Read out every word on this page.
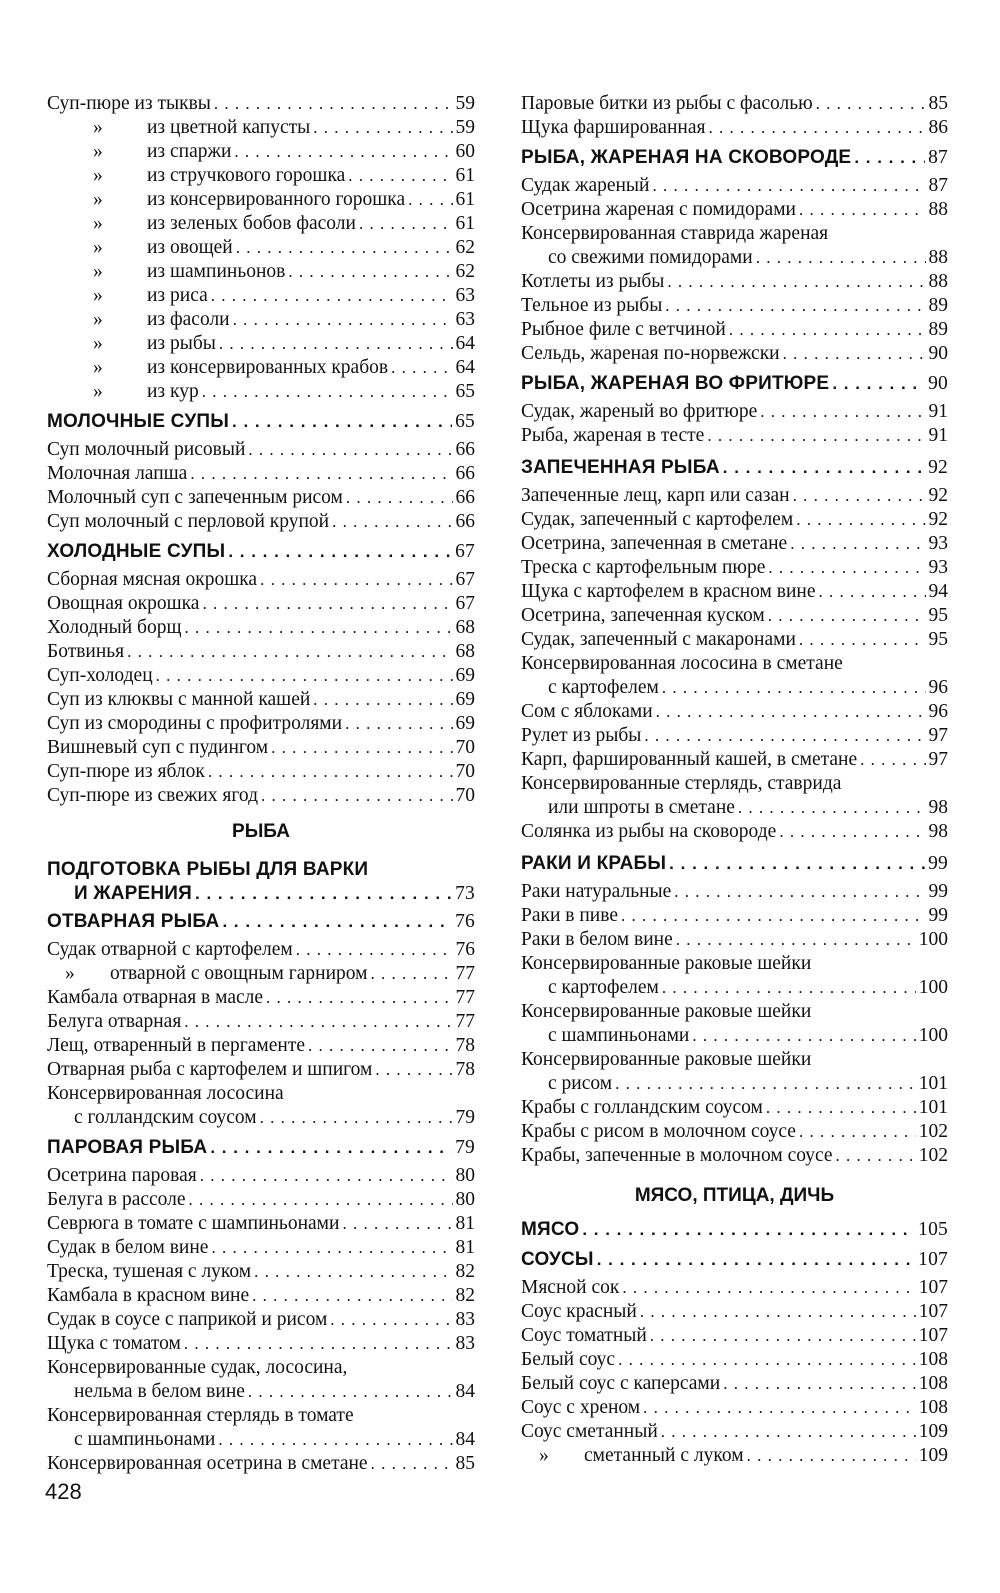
РЫБА
Суп-пюре из тыквы . . .	59
» из цветной капусты . . .	59
» из спаржи . . .	60
» из стручкового горошка . . .	61
» из консервированного горошка . . .	61
» из зеленых бобов фасоли . . .	61
» из овощей . . .	62
» из шампиньонов . . .	62
» из риса . . .	63
» из фасоли . . .	63
» из рыбы . . .	64
» из консервированных крабов . . .	64
» из кур . . .	65
МОЛОЧНЫЕ СУПЫ . . .	65
Суп молочный рисовый . . .	66
Молочная лапша . . .	66
Молочный суп с запеченным рисом . . .	66
Суп молочный с перловой крупой . . .	66
ХОЛОДНЫЕ СУПЫ . . .	67
Сборная мясная окрошка . . .	67
Овощная окрошка . . .	67
Холодный борщ . . .	68
Ботвинья . . .	68
Суп-холодец . . .	69
Суп из клюквы с манной кашей . . .	69
Суп из смородины с профитролями . . .	69
Вишневый суп с пудингом . . .	70
Суп-пюре из яблок . . .	70
Суп-пюре из свежих ягод . . .	70
ПОДГОТОВКА РЫБЫ ДЛЯ ВАРКИ
И ЖАРЕНИЯ . . .	73
ОТВАРНАЯ РЫБА . . .	76
Судак отварной с картофелем . . .	76
» отварной с овощным гарниром . . .	77
Камбала отварная в масле . . .	77
Белуга отварная . . .	77
Лещ, отваренный в пергаменте . . .	78
Отварная рыба с картофелем и шпигом . . .	78
Консервированная лососина
с голландским соусом . . .	79
ПАРОВАЯ РЫБА . . .	79
Осетрина паровая . . .	80
Белуга в рассоле . . .	80
Севрюга в томате с шампиньонами . . .	81
Судак в белом вине . . .	81
Треска, тушеная с луком . . .	82
Камбала в красном вине . . .	82
Судак в соусе с паприкой и рисом . . .	83
Щука с томатом . . .	83
Консервированные судак, лососина,
нельма в белом вине . . .	84
Консервированная стерлядь в томате
с шампиньонами . . .	84
Консервированная осетрина в сметане . . .	85
МЯСО, ПТИЦА, ДИЧЬ
Паровые битки из рыбы с фасолью . . .	85
Щука фаршированная . . .	86
РЫБА, ЖАРЕНАЯ НА СКОВОРОДЕ . . .	87
Судак жареный . . .	87
Осетрина жареная с помидорами . . .	88
Консервированная ставрида жареная
со свежими помидорами . . .	88
Котлеты из рыбы . . .	88
Тельное из рыбы . . .	89
Рыбное филе с ветчиной . . .	89
Сельдь, жареная по-норвежски . . .	90
РЫБА, ЖАРЕНАЯ ВО ФРИТЮРЕ . . .	90
Судак, жареный во фритюре . . .	91
Рыба, жареная в тесте . . .	91
ЗАПЕЧЕННАЯ РЫБА . . .	92
Запеченные лещ, карп или сазан . . .	92
Судак, запеченный с картофелем . . .	92
Осетрина, запеченная в сметане . . .	93
Треска с картофельным пюре . . .	93
Щука с картофелем в красном вине . . .	94
Осетрина, запеченная куском . . .	95
Судак, запеченный с макаронами . . .	95
Консервированная лососина в сметане
с картофелем . . .	96
Сом с яблоками . . .	96
Рулет из рыбы . . .	97
Карп, фаршированный кашей, в сметане . . .	97
Консервированные стерлядь, ставрида
или шпроты в сметане . . .	98
Солянка из рыбы на сковороде . . .	98
РАКИ И КРАБЫ . . .	99
Раки натуральные . . .	99
Раки в пиве . . .	99
Раки в белом вине . . .	100
Консервированные раковые шейки
с картофелем . . .	100
Консервированные раковые шейки
с шампиньонами . . .	100
Консервированные раковые шейки
с рисом . . .	101
Крабы с голландским соусом . . .	101
Крабы с рисом в молочном соусе . . .	102
Крабы, запеченные в молочном соусе . . .	102
МЯСО . . .	105
СОУСЫ . . .	107
Мясной сок . . .	107
Соус красный . . .	107
Соус томатный . . .	107
Белый соус . . .	108
Белый соус с каперсами . . .	108
Соус с хреном . . .	108
Соус сметанный . . .	109
» сметанный с луком . . .	109
428
